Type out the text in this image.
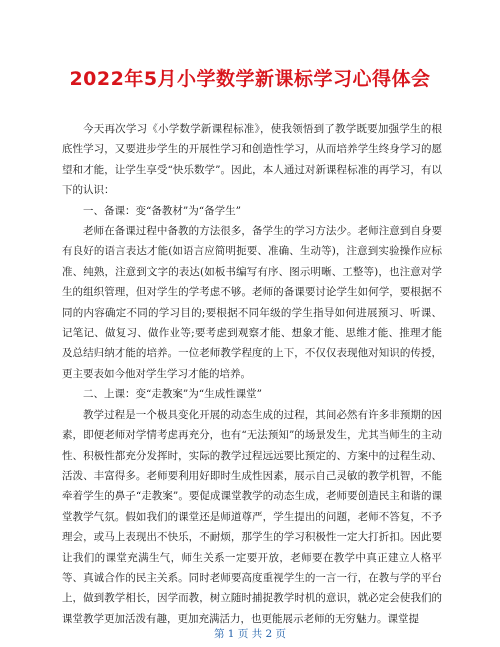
2022年5月小学数学新课标学习心得体会

今天再次学习《小学数学新课程标准》，使我领悟到了教学既要加强学生的根底性学习，又要进步学生的开展性学习和创造性学习，从而培养学生终身学习的愿望和才能，让学生享受“快乐数学”。因此，本人通过对新课程标准的再学习，有以下的认识：

一、备课：变“备教材”为“备学生”

老师在备课过程中备教的方法很多，备学生的学习方法少。老师注意到自身要有良好的语言表达才能(如语言应简明扼要、准确、生动等)，注意到实验操作应标准、纯熟，注意到文字的表达(如板书编写有序、图示明晰、工整等)，也注意对学生的组织管理，但对学生的学考虑不够。老师的备课要讨论学生如何学，要根据不同的内容确定不同的学习目的;要根据不同年级的学生指导如何进展预习、听课、记笔记、做复习、做作业等;要考虑到观察才能、想象才能、思维才能、推理才能及总结归纳才能的培养。一位老师教学程度的上下，不仅仅表现他对知识的传授，更主要表如今他对学生学习才能的培养。

二、上课：变“走教案”为“生成性课堂”

教学过程是一个极具变化开展的动态生成的过程，其间必然有许多非预期的因素，即便老师对学情考虑再充分，也有“无法预知”的场景发生，尤其当师生的主动性、积极性都充分发挥时，实际的教学过程远远要比预定的、方案中的过程生动、活泼、丰富得多。老师要利用好即时生成性因素，展示自己灵敏的教学机智，不能牵着学生的鼻子“走教案”。要促成课堂教学的动态生成，老师要创造民主和谐的课堂教学气氛。假如我们的课堂还是师道尊严，学生提出的问题，老师不答复，不予理会，或马上表现出不快乐，不耐烦，那学生的学习积极性一定大打折扣。因此要让我们的课堂充满生气，师生关系一定要开放，老师要在教学中真正建立人格平等、真诚合作的民主关系。同时老师要高度重视学生的一言一行，在教与学的平台上，做到教学相长，因学而教，树立随时捕捉教学时机的意识，就必定会使我们的课堂教学更加活泼有趣，更加充满活力，也更能展示老师的无穷魅力。课堂提

第 1 页 共 2 页
